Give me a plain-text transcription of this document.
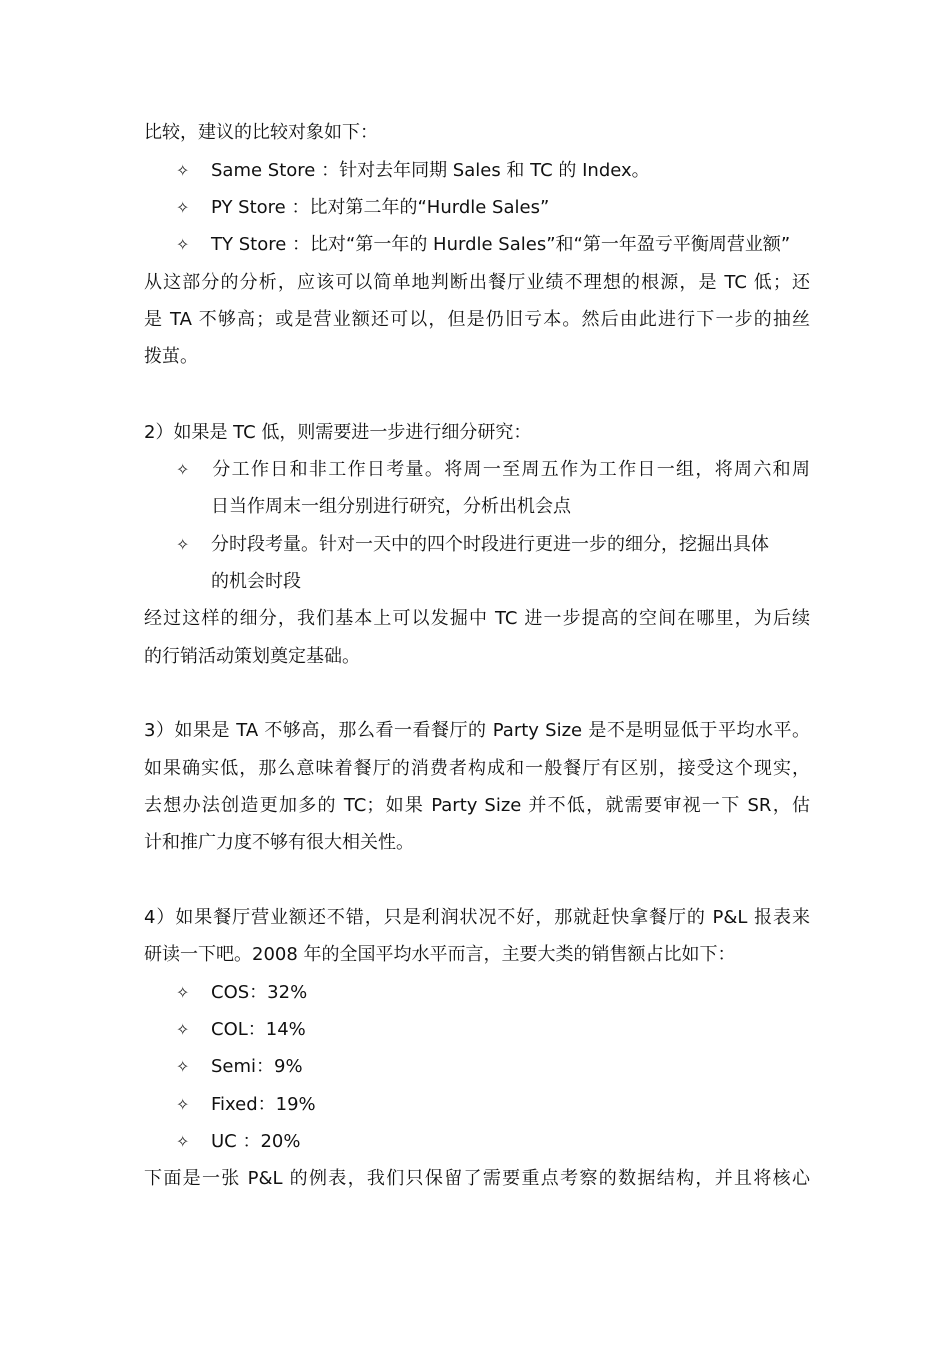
比较，建议的比较对象如下：
✧ Same Store ：针对去年同期 Sales 和 TC 的 Index。
✧ PY Store ：比对第二年的“Hurdle Sales”
✧ TY Store ：比对“第一年的 Hurdle Sales”和“第一年盈亏平衡周营业额”
从这部分的分析，应该可以简单地判断出餐厅业绩不理想的根源，是 TC 低；还
是 TA 不够高；或是营业额还可以，但是仍旧亏本。然后由此进行下一步的抽丝
拨茧。
2）如果是 TC 低，则需要进一步进行细分研究：
✧ 分工作日和非工作日考量。将周一至周五作为工作日一组，将周六和周
日当作周末一组分别进行研究，分析出机会点
✧ 分时段考量。针对一天中的四个时段进行更进一步的细分，挖掘出具体
的机会时段
经过这样的细分，我们基本上可以发掘中 TC 进一步提高的空间在哪里，为后续
的行销活动策划奠定基础。
3）如果是 TA 不够高，那么看一看餐厅的 Party Size 是不是明显低于平均水平。
如果确实低，那么意味着餐厅的消费者构成和一般餐厅有区别，接受这个现实，
去想办法创造更加多的 TC；如果 Party Size 并不低，就需要审视一下 SR，估
计和推广力度不够有很大相关性。
4）如果餐厅营业额还不错，只是利润状况不好，那就赶快拿餐厅的 P&L 报表来
研读一下吧。2008 年的全国平均水平而言，主要大类的销售额占比如下：
✧ COS：32%
✧ COL：14%
✧ Semi：9%
✧ Fixed：19%
✧ UC ：20%
下面是一张 P&L 的例表，我们只保留了需要重点考察的数据结构，并且将核心
